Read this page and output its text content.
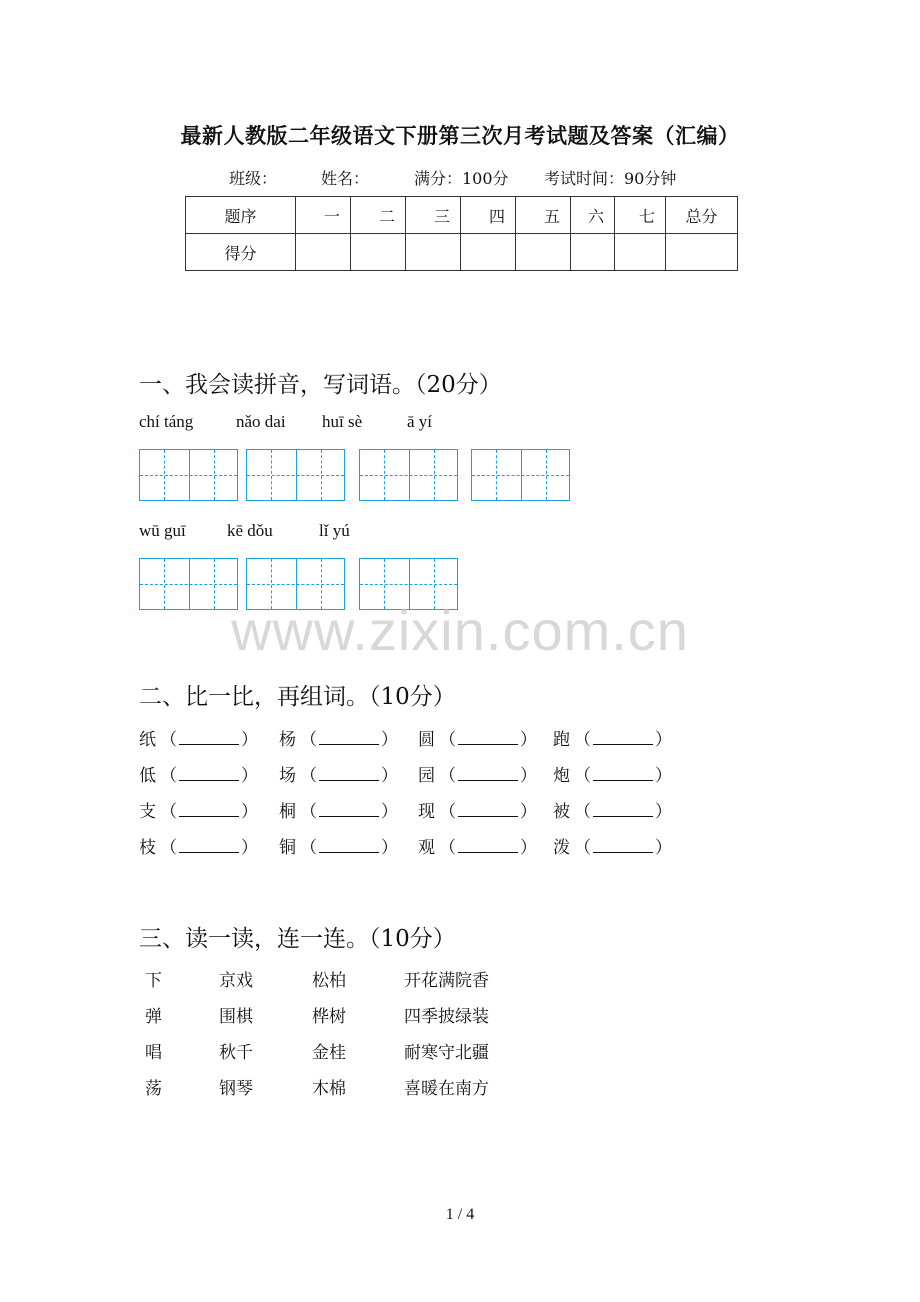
最新人教版二年级语文下册第三次月考试题及答案（汇编）
班级：	姓名：	满分：100分 考试时间：90分钟
题序	一	二	三	四	五	六	七	总分
得分								
一、我会读拼音，写词语。（20分）
chí táng	nǎo dai huī sè	ā yí
wū guī kē dǒu	lǐ yú
www.zixin.com.cn
二、比一比，再组词。（10分）
纸 （	） 杨 （	） 圆 （	） 跑 （	）
低 （	） 场 （	） 园 （	） 炮 （	）
支 （	） 桐 （	） 现 （	） 被 （	）
枝 （	） 铜 （	） 观 （	） 泼 （	）
三、读一读，连一连。（10分）
下	京戏	松柏	开花满院香
弹	围棋	桦树	四季披绿装
唱	秋千	金桂	耐寒守北疆
荡	钢琴	木棉	喜暖在南方
1 / 4
